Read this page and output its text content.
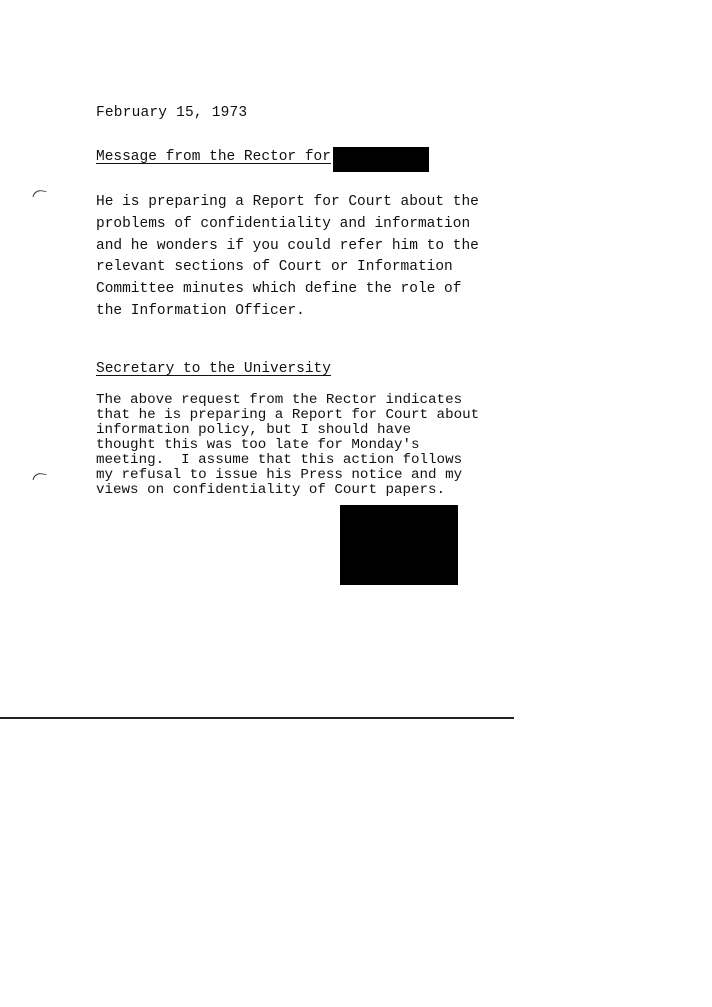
February 15, 1973
Message from the Rector for
He is preparing a Report for Court about the
problems of confidentiality and information
and he wonders if you could refer him to the
relevant sections of Court or Information
Committee minutes which define the role of
the Information Officer.
Secretary to the University
The above request from the Rector indicates
that he is preparing a Report for Court about
information policy, but I should have
thought this was too late for Monday's
meeting.  I assume that this action follows
my refusal to issue his Press notice and my
views on confidentiality of Court papers.
